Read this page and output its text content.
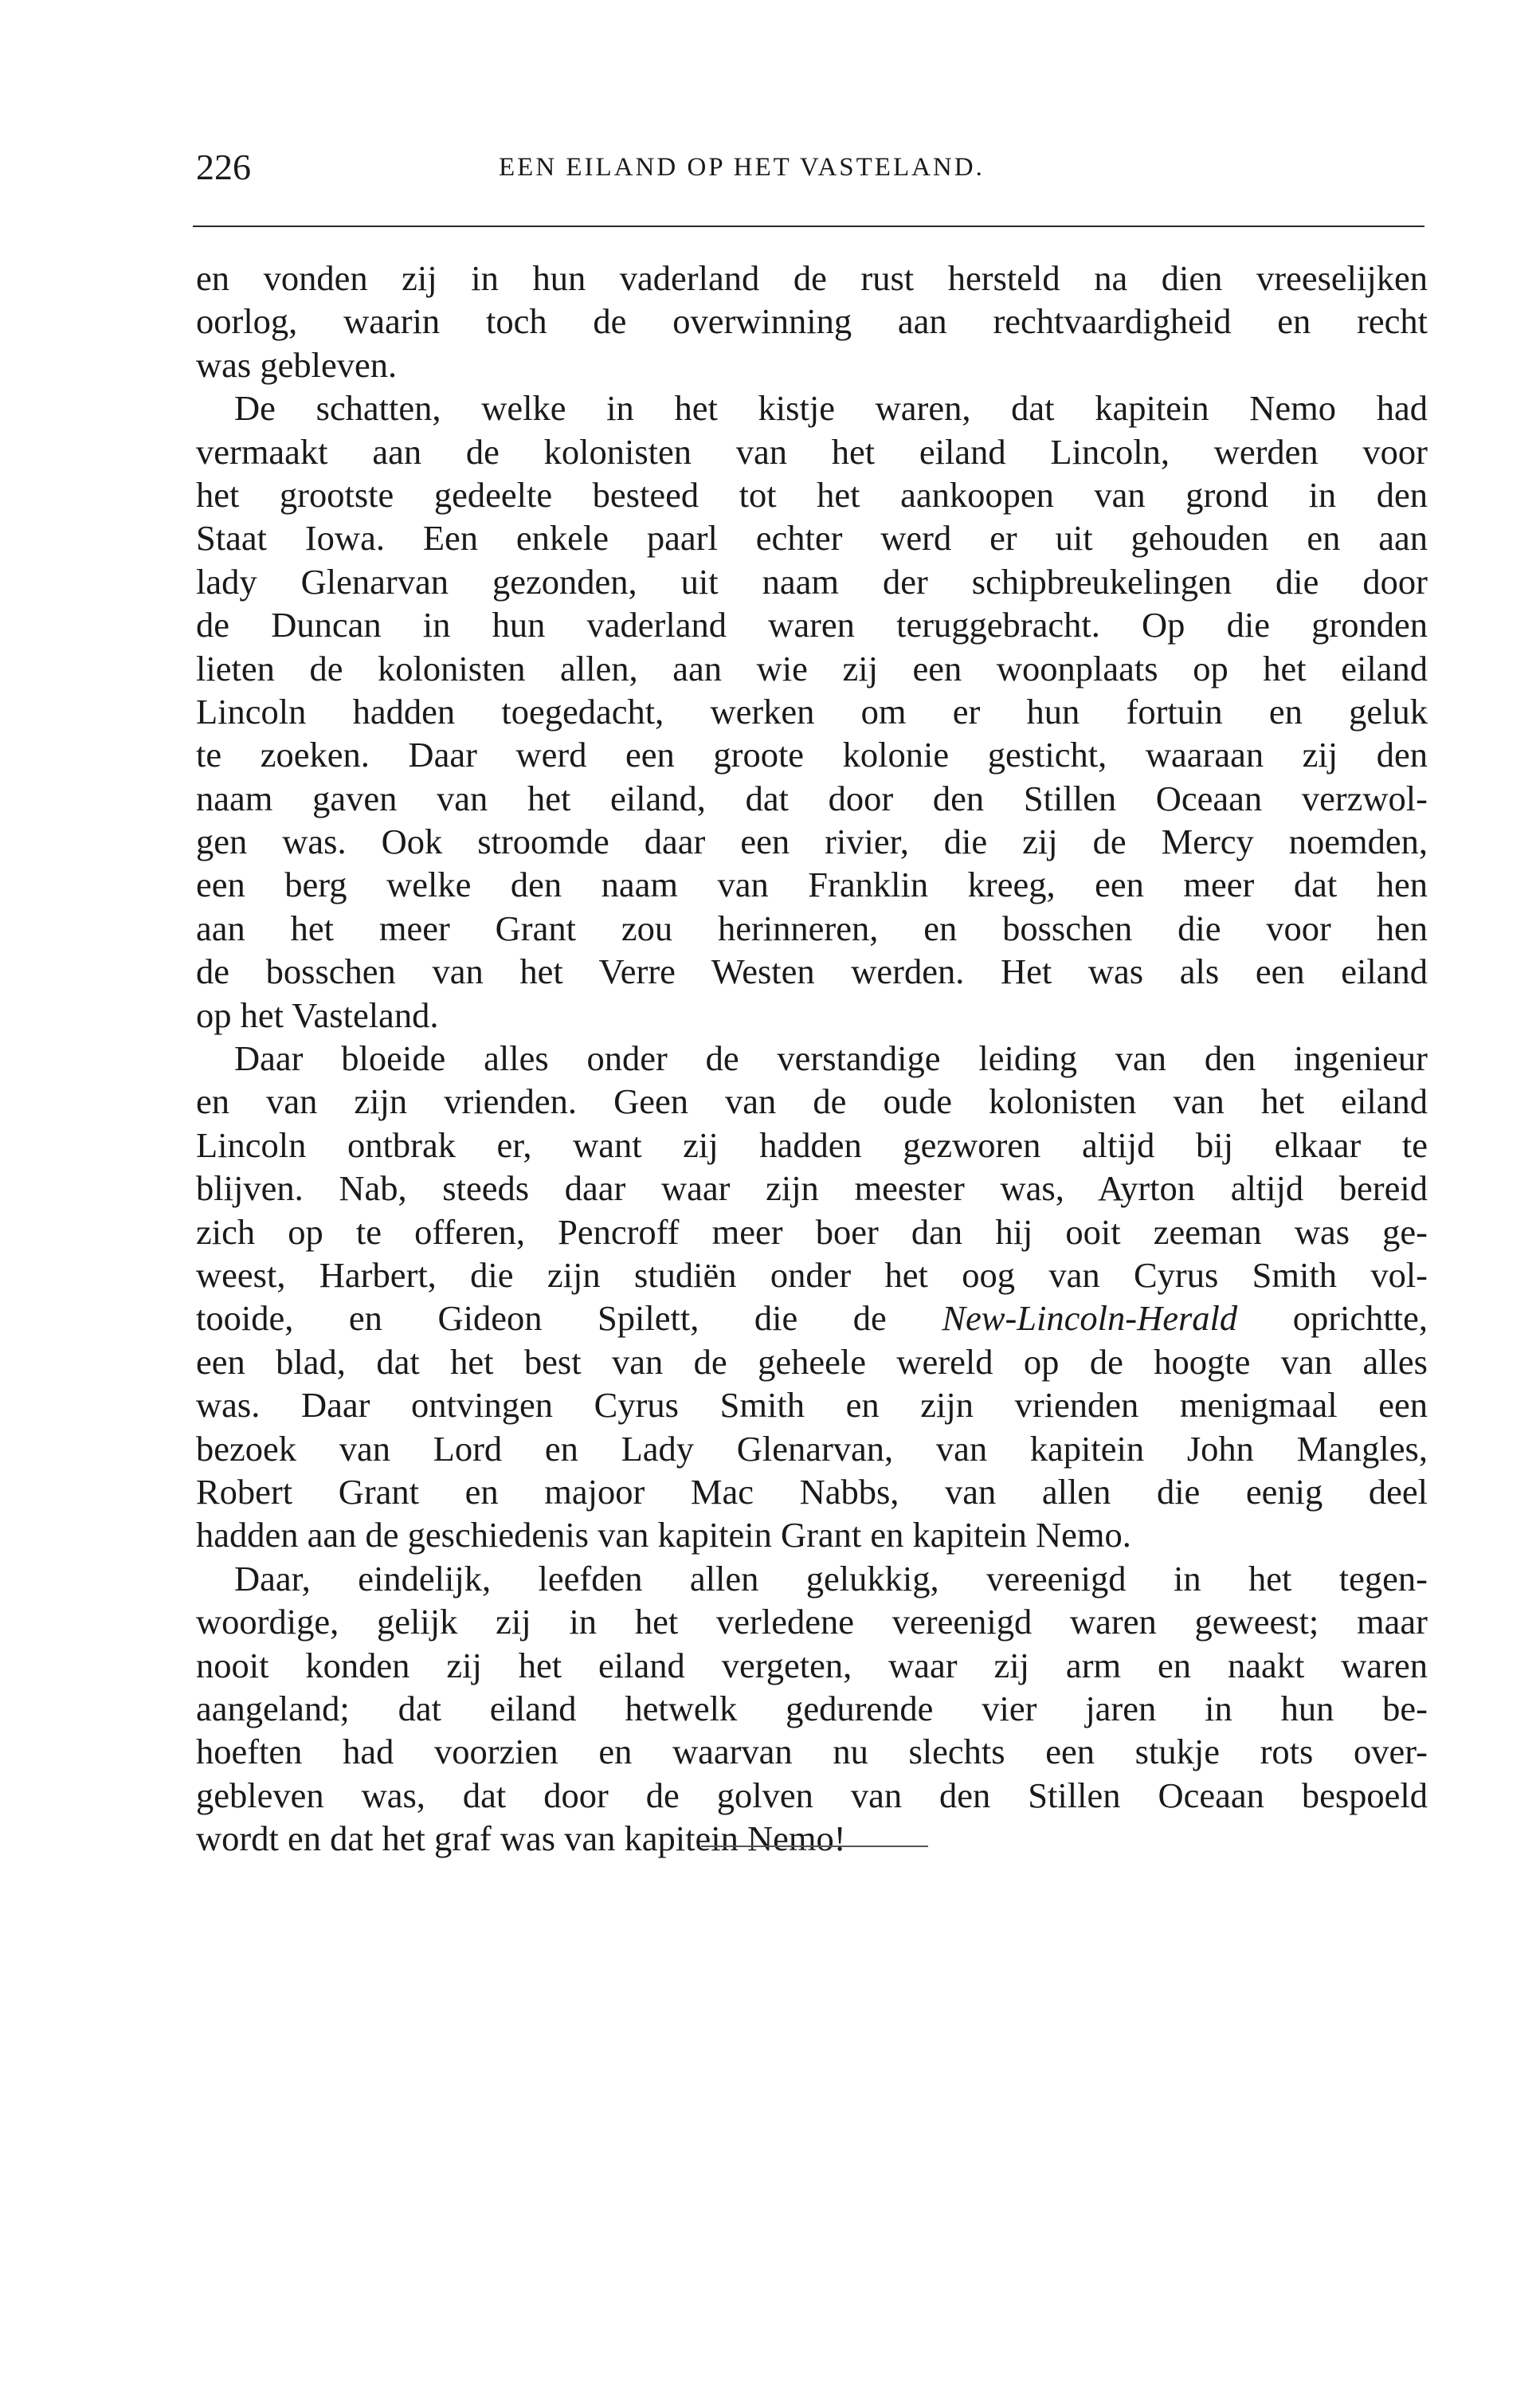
226	EEN EILAND OP HET VASTELAND.
en vonden zij in hun vaderland de rust hersteld na dien vreeselijken
oorlog, waarin toch de overwinning aan rechtvaardigheid en recht
was gebleven.
De schatten, welke in het kistje waren, dat kapitein Nemo had
vermaakt aan de kolonisten van het eiland Lincoln, werden voor
het grootste gedeelte besteed tot het aankoopen van grond in den
Staat Iowa. Een enkele paarl echter werd er uit gehouden en aan
lady Glenarvan gezonden, uit naam der schipbreukelingen die door
de Duncan in hun vaderland waren teruggebracht. Op die gronden
lieten de kolonisten allen, aan wie zij een woonplaats op het eiland
Lincoln hadden toegedacht, werken om er hun fortuin en geluk
te zoeken. Daar werd een groote kolonie gesticht, waaraan zij den
naam gaven van het eiland, dat door den Stillen Oceaan verzwol-
gen was. Ook stroomde daar een rivier, die zij de Mercy noemden,
een berg welke den naam van Franklin kreeg, een meer dat hen
aan het meer Grant zou herinneren, en bosschen die voor hen
de bosschen van het Verre Westen werden. Het was als een eiland
op het Vasteland.
Daar bloeide alles onder de verstandige leiding van den ingenieur
en van zijn vrienden. Geen van de oude kolonisten van het eiland
Lincoln ontbrak er, want zij hadden gezworen altijd bij elkaar te
blijven. Nab, steeds daar waar zijn meester was, Ayrton altijd bereid
zich op te offeren, Pencroff meer boer dan hij ooit zeeman was ge-
weest, Harbert, die zijn studiën onder het oog van Cyrus Smith vol-
tooide, en Gideon Spilett, die de New-Lincoln-Herald oprichtte,
een blad, dat het best van de geheele wereld op de hoogte van alles
was. Daar ontvingen Cyrus Smith en zijn vrienden menigmaal een
bezoek van Lord en Lady Glenarvan, van kapitein John Mangles,
Robert Grant en majoor Mac Nabbs, van allen die eenig deel
hadden aan de geschiedenis van kapitein Grant en kapitein Nemo.
Daar, eindelijk, leefden allen gelukkig, vereenigd in het tegen-
woordige, gelijk zij in het verledene vereenigd waren geweest; maar
nooit konden zij het eiland vergeten, waar zij arm en naakt waren
aangeland; dat eiland hetwelk gedurende vier jaren in hun be-
hoeften had voorzien en waarvan nu slechts een stukje rots over-
gebleven was, dat door de golven van den Stillen Oceaan bespoeld
wordt en dat het graf was van kapitein Nemo!
